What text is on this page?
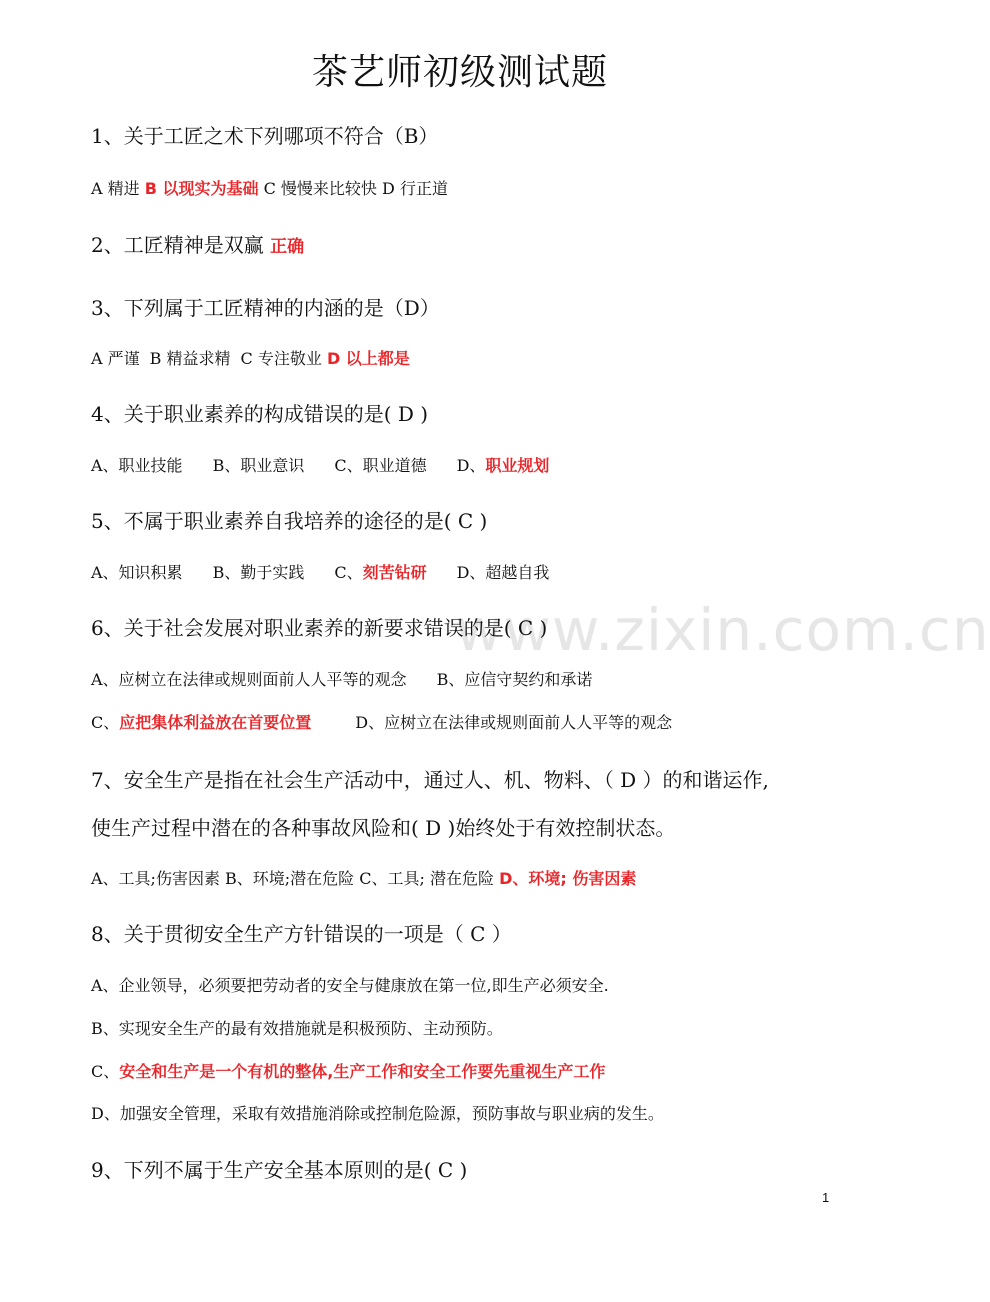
www.zixin.com.cn
茶艺师初级测试题
1、关于工匠之术下列哪项不符合（B）
A 精进 B 以现实为基础 C 慢慢来比较快 D 行正道
2、工匠精神是双赢 正确
3、下列属于工匠精神的内涵的是（D）
A 严谨 B 精益求精 C 专注敬业 D 以上都是
4、关于职业素养的构成错误的是( D )
A、职业技能 B、职业意识 C、职业道德 D、职业规划
5、不属于职业素养自我培养的途径的是( C )
A、知识积累 B、勤于实践 C、刻苦钻研 D、超越自我
6、关于社会发展对职业素养的新要求错误的是( C )
A、应树立在法律或规则面前人人平等的观念 B、应信守契约和承诺
C、应把集体利益放在首要位置	D、应树立在法律或规则面前人人平等的观念
7、安全生产是指在社会生产活动中，通过人、机、物料、（ D ）的和谐运作,
使生产过程中潜在的各种事故风险和( D )始终处于有效控制状态。
A、工具;伤害因素 B、环境;潜在危险 C、工具; 潜在危险 D、环境; 伤害因素
8、关于贯彻安全生产方针错误的一项是（ C ）
A、企业领导，必须要把劳动者的安全与健康放在第一位,即生产必须安全.
B、实现安全生产的最有效措施就是积极预防、主动预防。
C、安全和生产是一个有机的整体,生产工作和安全工作要先重视生产工作
D、加强安全管理，采取有效措施消除或控制危险源，预防事故与职业病的发生。
9、下列不属于生产安全基本原则的是( C )
1
